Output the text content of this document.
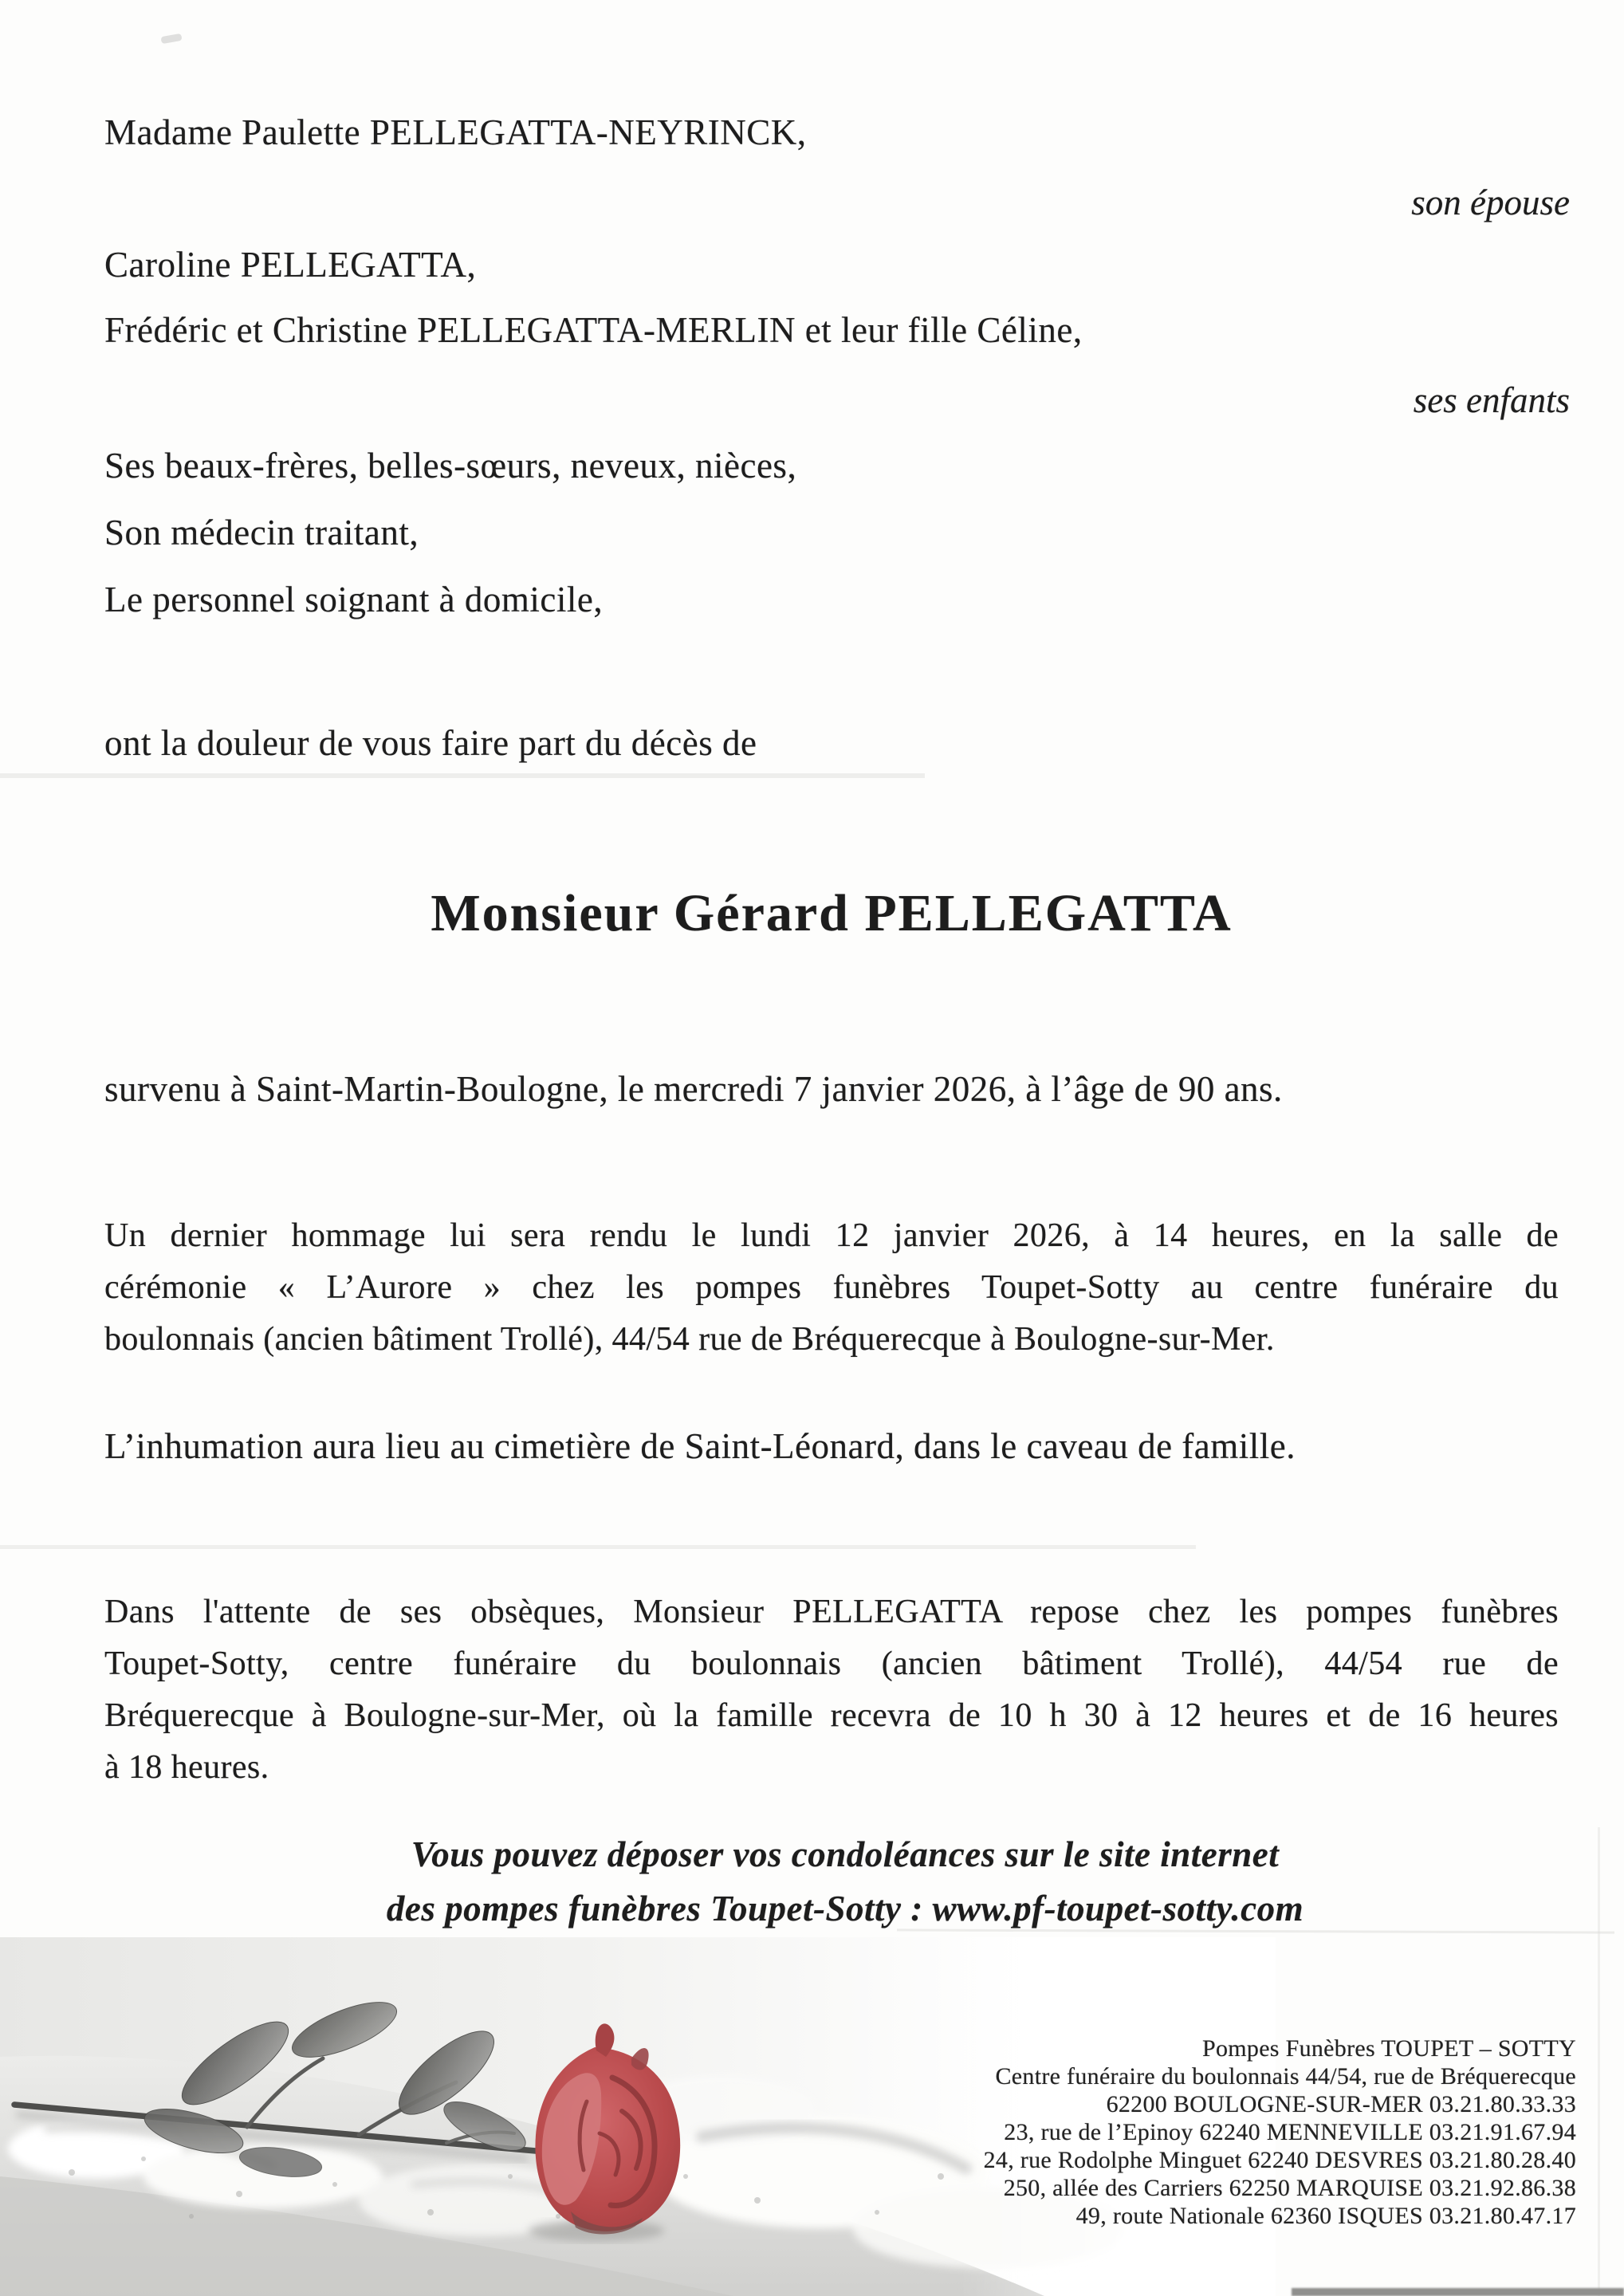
Madame Paulette PELLEGATTA-NEYRINCK,
son épouse
Caroline PELLEGATTA,
Frédéric et Christine PELLEGATTA-MERLIN et leur fille Céline,
ses enfants
Ses beaux-frères, belles-sœurs, neveux, nièces,
Son médecin traitant,
Le personnel soignant à domicile,
ont la douleur de vous faire part du décès de
Monsieur Gérard PELLEGATTA
survenu à Saint-Martin-Boulogne, le mercredi 7 janvier 2026, à l’âge de 90 ans.
Un dernier hommage lui sera rendu le lundi 12 janvier 2026, à 14 heures, en la salle de
cérémonie « L’Aurore » chez les pompes funèbres Toupet-Sotty au centre funéraire du
boulonnais (ancien bâtiment Trollé), 44/54 rue de Bréquerecque à Boulogne-sur-Mer.
L’inhumation aura lieu au cimetière de Saint-Léonard, dans le caveau de famille.
Dans l'attente de ses obsèques, Monsieur PELLEGATTA repose chez les pompes funèbres
Toupet-Sotty, centre funéraire du boulonnais (ancien bâtiment Trollé), 44/54 rue de
Bréquerecque à Boulogne-sur-Mer, où la famille recevra de 10 h 30 à 12 heures et de 16 heures
à 18 heures.
Vous pouvez déposer vos condoléances sur le site internet
des pompes funèbres Toupet-Sotty : www.pf-toupet-sotty.com
Pompes Funèbres TOUPET – SOTTY
Centre funéraire du boulonnais 44/54, rue de Bréquerecque
62200 BOULOGNE-SUR-MER 03.21.80.33.33
23, rue de l’Epinoy 62240 MENNEVILLE 03.21.91.67.94
24, rue Rodolphe Minguet 62240 DESVRES 03.21.80.28.40
250, allée des Carriers 62250 MARQUISE 03.21.92.86.38
49, route Nationale 62360 ISQUES 03.21.80.47.17
